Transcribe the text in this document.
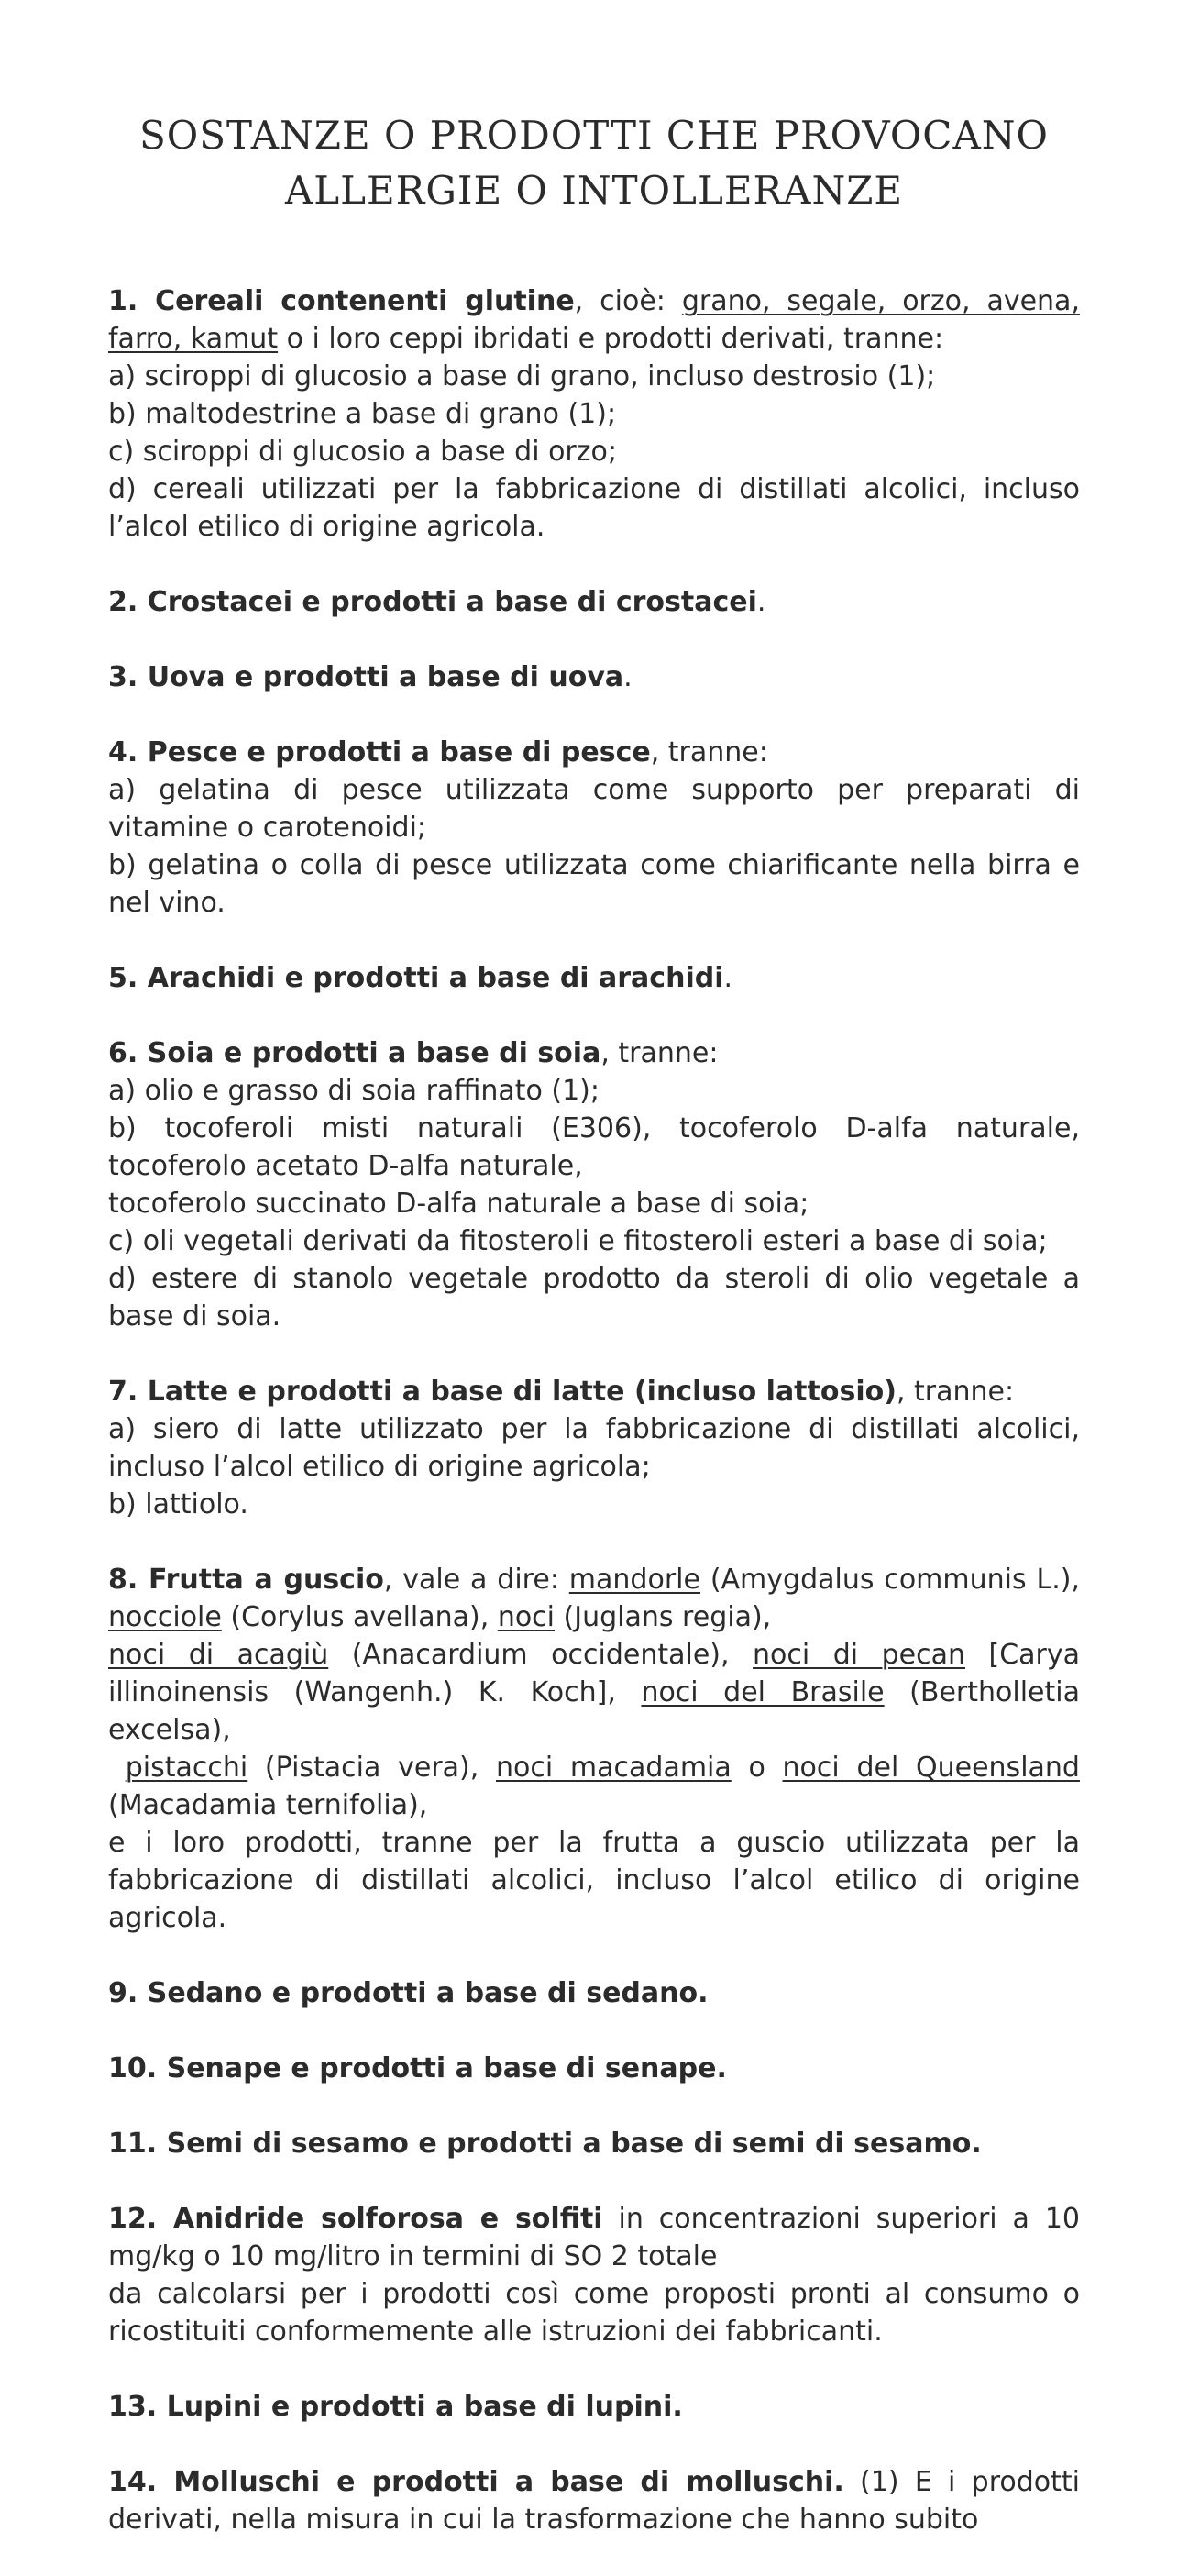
SOSTANZE O PRODOTTI CHE PROVOCANO
ALLERGIE O INTOLLERANZE

1. Cereali contenenti glutine, cioè: grano, segale, orzo, avena, farro, kamut o i loro ceppi ibridati e prodotti derivati, tranne:

a) sciroppi di glucosio a base di grano, incluso destrosio (1);

b) maltodestrine a base di grano (1);

c) sciroppi di glucosio a base di orzo;

d) cereali utilizzati per la fabbricazione di distillati alcolici, incluso l’alcol etilico di origine agricola.

2. Crostacei e prodotti a base di crostacei.

3. Uova e prodotti a base di uova.

4. Pesce e prodotti a base di pesce, tranne:

a) gelatina di pesce utilizzata come supporto per preparati di vitamine o carotenoidi;

b) gelatina o colla di pesce utilizzata come chiarificante nella birra e nel vino.

5. Arachidi e prodotti a base di arachidi.

6. Soia e prodotti a base di soia, tranne:

a) olio e grasso di soia raffinato (1);

b) tocoferoli misti naturali (E306), tocoferolo D-alfa naturale, tocoferolo acetato D-alfa naturale,

tocoferolo succinato D-alfa naturale a base di soia;

c) oli vegetali derivati da fitosteroli e fitosteroli esteri a base di soia;

d) estere di stanolo vegetale prodotto da steroli di olio vegetale a base di soia.

7. Latte e prodotti a base di latte (incluso lattosio), tranne:

a) siero di latte utilizzato per la fabbricazione di distillati alcolici, incluso l’alcol etilico di origine agricola;

b) lattiolo.

8. Frutta a guscio, vale a dire: mandorle (Amygdalus communis L.), nocciole (Corylus avellana), noci (Juglans regia),

noci di acagiù (Anacardium occidentale), noci di pecan [Carya illinoinensis (Wangenh.) K. Koch], noci del Brasile (Bertholletia excelsa),

pistacchi (Pistacia vera), noci macadamia o noci del Queensland (Macadamia ternifolia),

e i loro prodotti, tranne per la frutta a guscio utilizzata per la fabbricazione di distillati alcolici, incluso l’alcol etilico di origine agricola.

9. Sedano e prodotti a base di sedano.

10. Senape e prodotti a base di senape.

11. Semi di sesamo e prodotti a base di semi di sesamo.

12. Anidride solforosa e solfiti in concentrazioni superiori a 10 mg/kg o 10 mg/litro in termini di SO 2 totale

da calcolarsi per i prodotti così come proposti pronti al consumo o ricostituiti conformemente alle istruzioni dei fabbricanti.

13. Lupini e prodotti a base di lupini.

14. Molluschi e prodotti a base di molluschi. (1) E i prodotti derivati, nella misura in cui la trasformazione che hanno subito
